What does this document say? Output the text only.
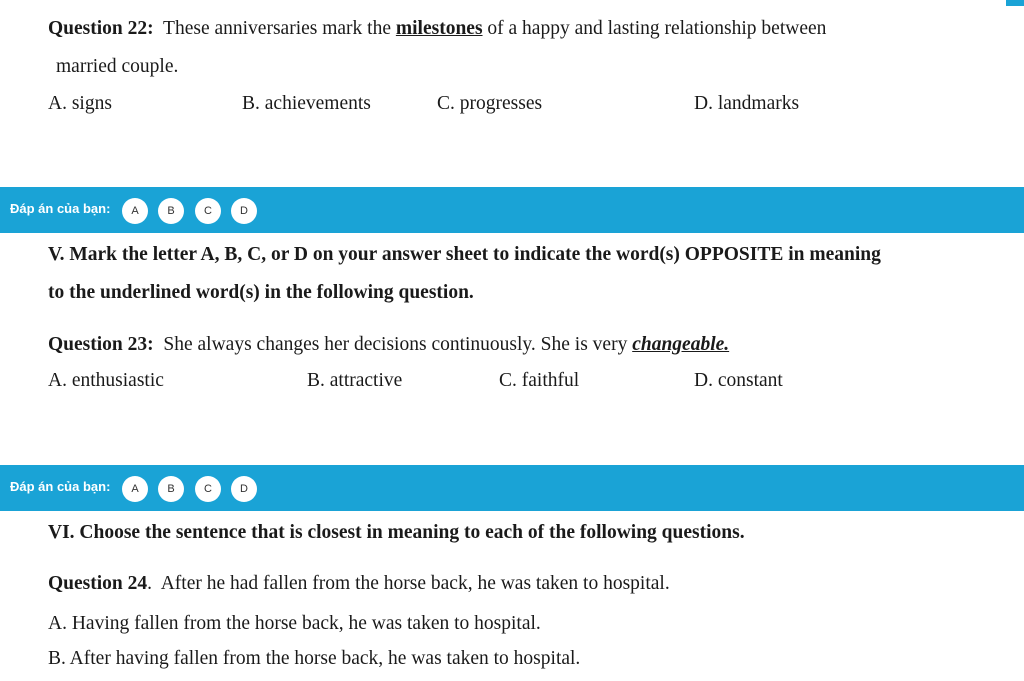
Question 22: These anniversaries mark the milestones of a happy and lasting relationship between
married couple.
A. signs	B. achievements	C. progresses	D. landmarks
Đáp án của bạn:	A	B	C	D
V. Mark the letter A, B, C, or D on your answer sheet to indicate the word(s) OPPOSITE in meaning
to the underlined word(s) in the following question.
Question 23: She always changes her decisions continuously. She is very changeable.
A. enthusiastic	B. attractive	C. faithful	D. constant
Đáp án của bạn:	A	B	C	D
VI. Choose the sentence that is closest in meaning to each of the following questions.
Question 24. After he had fallen from the horse back, he was taken to hospital.
A. Having fallen from the horse back, he was taken to hospital.
B. After having fallen from the horse back, he was taken to hospital.
